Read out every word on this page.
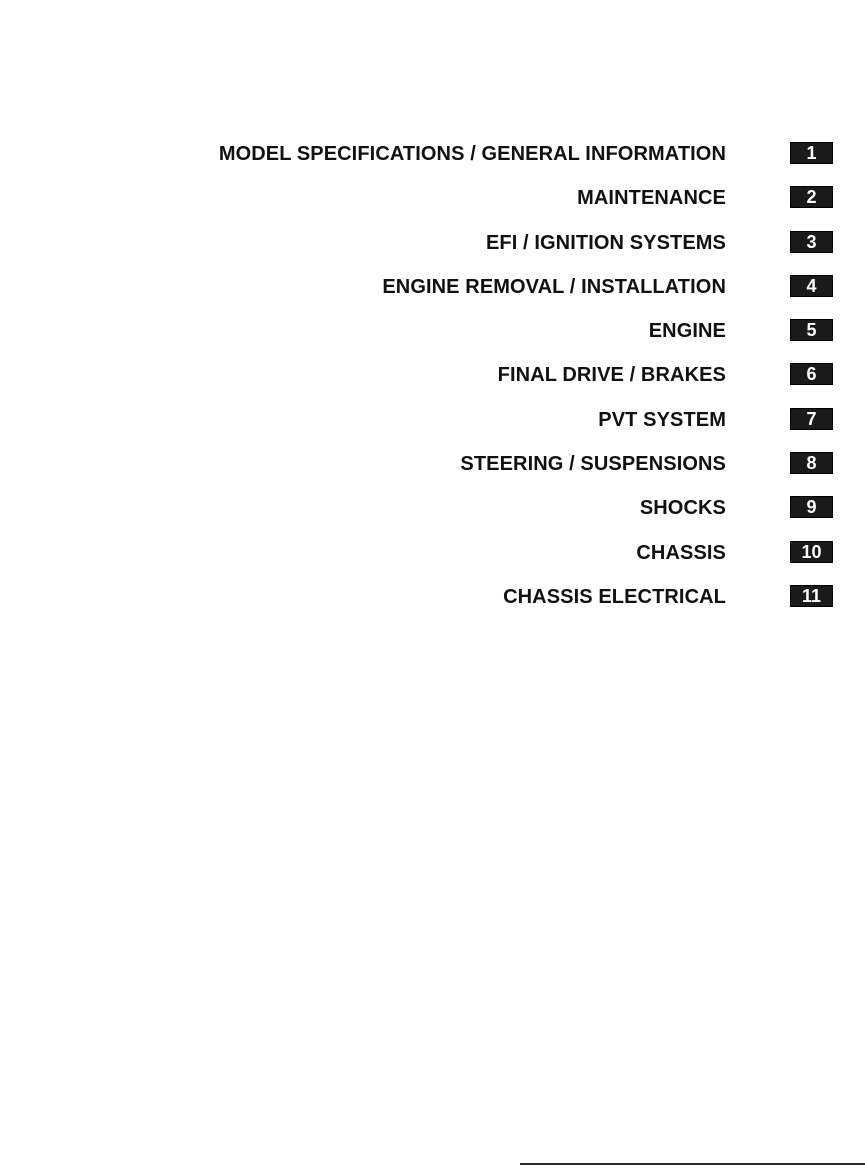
MODEL SPECIFICATIONS / GENERAL INFORMATION	1
MAINTENANCE	2
EFI / IGNITION SYSTEMS	3
ENGINE REMOVAL / INSTALLATION	4
ENGINE	5
FINAL DRIVE / BRAKES	6
PVT SYSTEM	7
STEERING / SUSPENSIONS	8
SHOCKS	9
CHASSIS	10
CHASSIS ELECTRICAL	11
